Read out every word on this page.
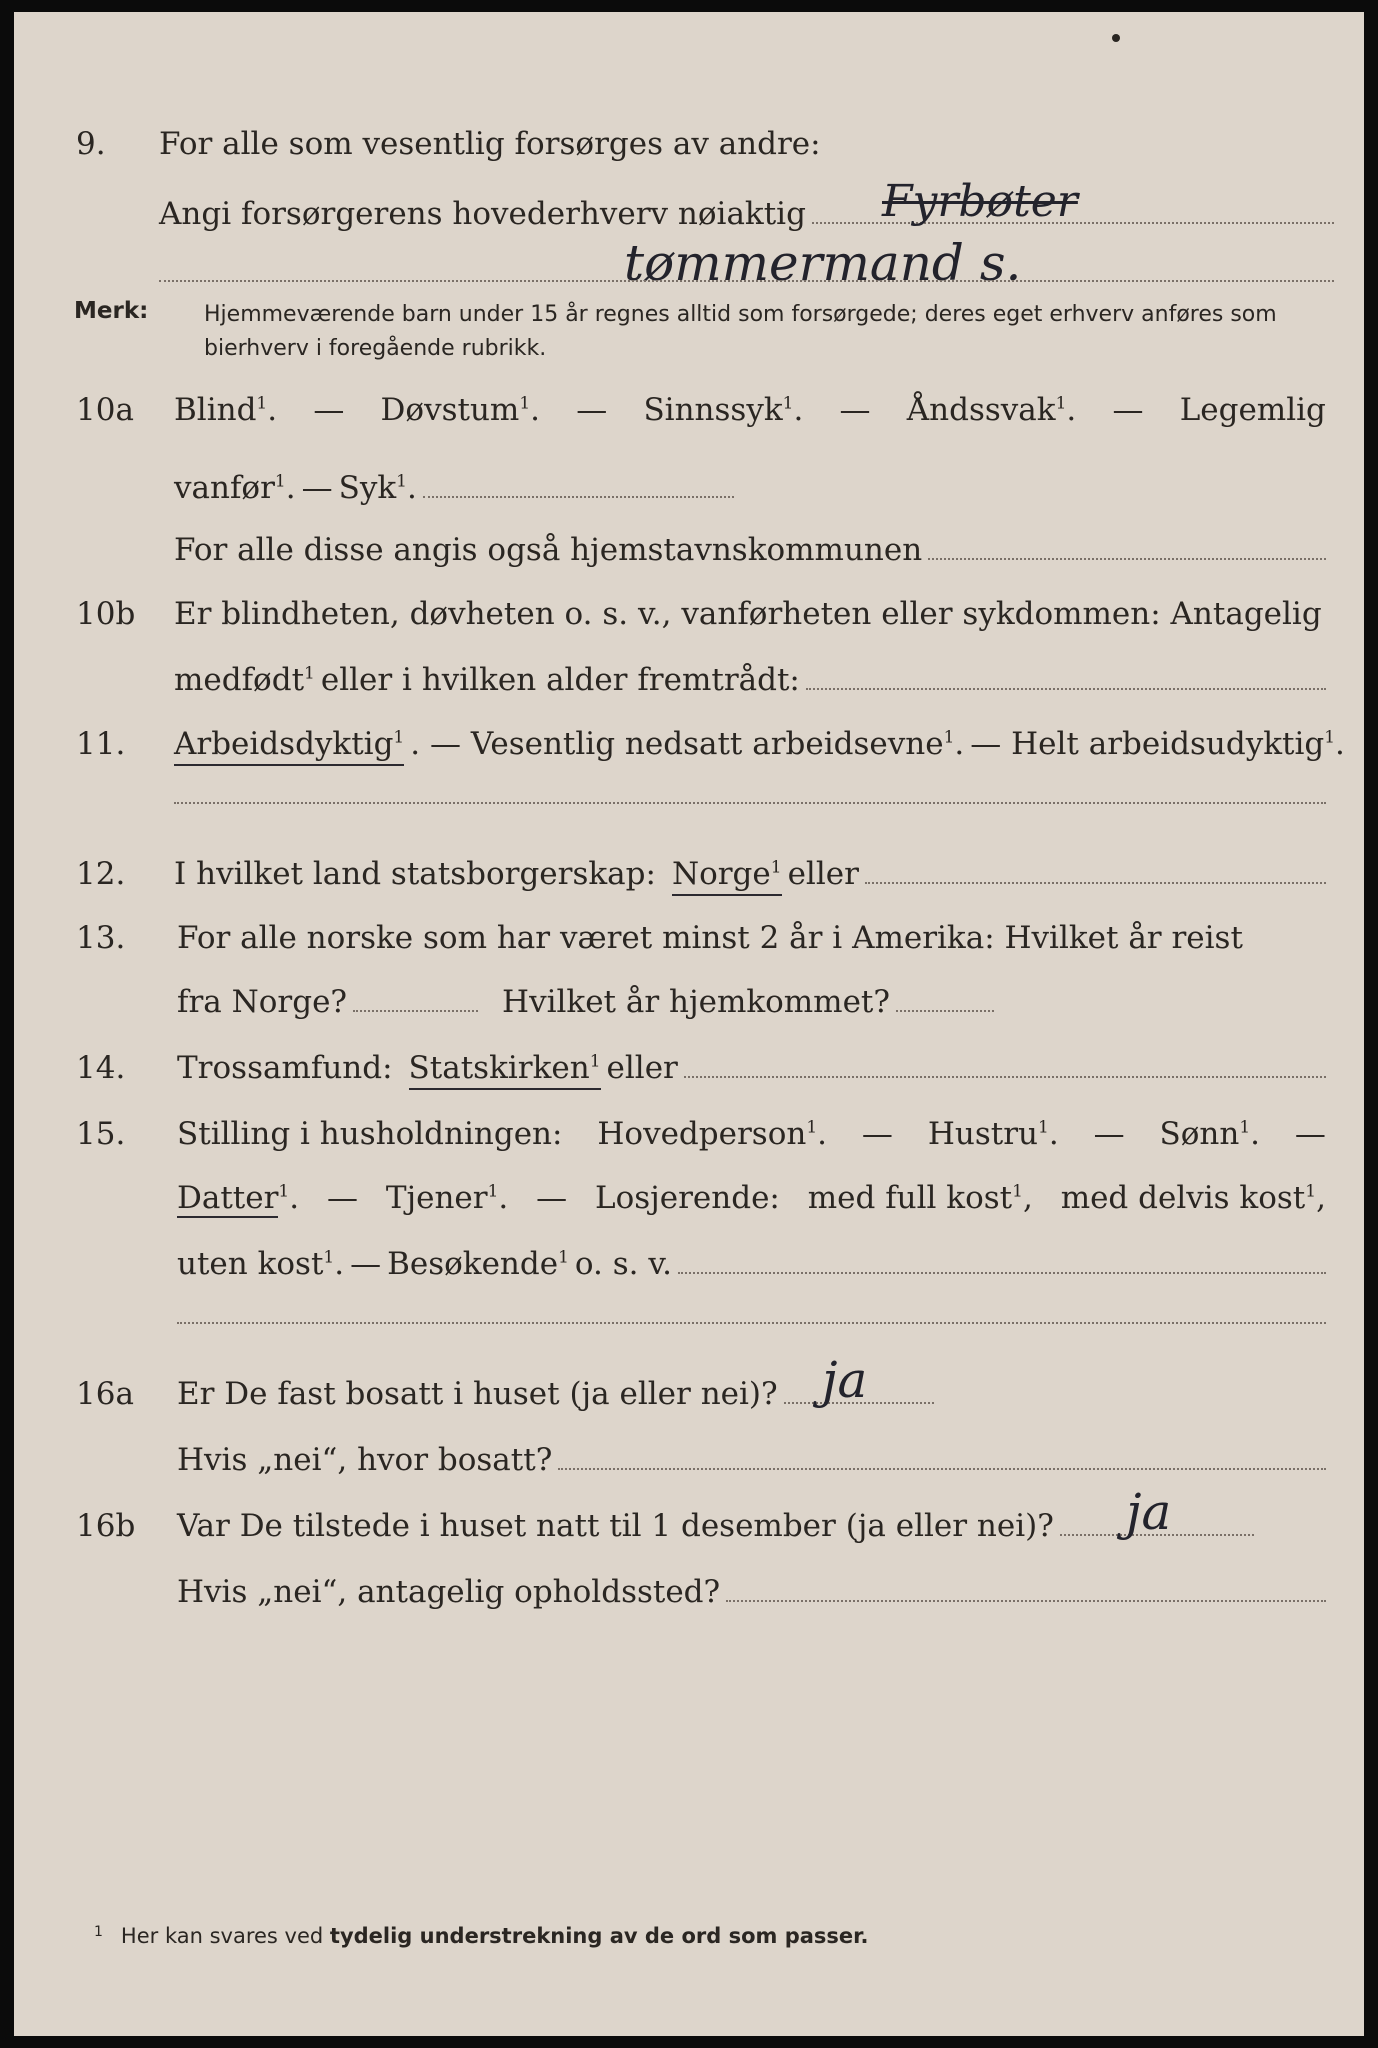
9. For alle som vesentlig forsørges av andre:
Angi forsørgerens hovederhverv nøiaktig Fyrbøter
tømmermand s.
Merk:	Hjemmeværende barn under 15 år regnes alltid som forsørgede; deres eget erhverv anføres som bierhverv i foregående rubrikk.
10a Blind$^1$. — Døvstum$^1$. — Sinnssyk$^1$. — Åndssvak$^1$. — Legemlig
vanfør$^1$. — Syk$^1$.
For alle disse angis også hjemstavnskommunen
10b Er blindheten, døvheten o. s. v., vanførheten eller sykdommen: Antagelig
medfødt$^1$ eller i hvilken alder fremtrådt:
11. Arbeidsdyktig$^1$ . — Vesentlig nedsatt arbeidsevne$^1$. — Helt arbeidsudyktig$^1$.
12. I hvilket land statsborgerskap: Norge$^1$ eller
13. For alle norske som har været minst 2 år i Amerika: Hvilket år reist
fra Norge?	Hvilket år hjemkommet?
14. Trossamfund: Statskirken$^1$ eller
15. Stilling i husholdningen: Hovedperson$^1$. — Hustru$^1$. — Sønn$^1$. —
Datter$^1$. — Tjener$^1$. — Losjerende: med full kost$^1$, med delvis kost$^1$,
uten kost$^1$. — Besøkende$^1$ o. s. v.
16a Er De fast bosatt i huset (ja eller nei)? ja
Hvis „nei“, hvor bosatt?
16b Var De tilstede i huset natt til 1 desember (ja eller nei)? ja
Hvis „nei“, antagelig opholdssted?
$^1$ Her kan svares ved tydelig understrekning av de ord som passer.
